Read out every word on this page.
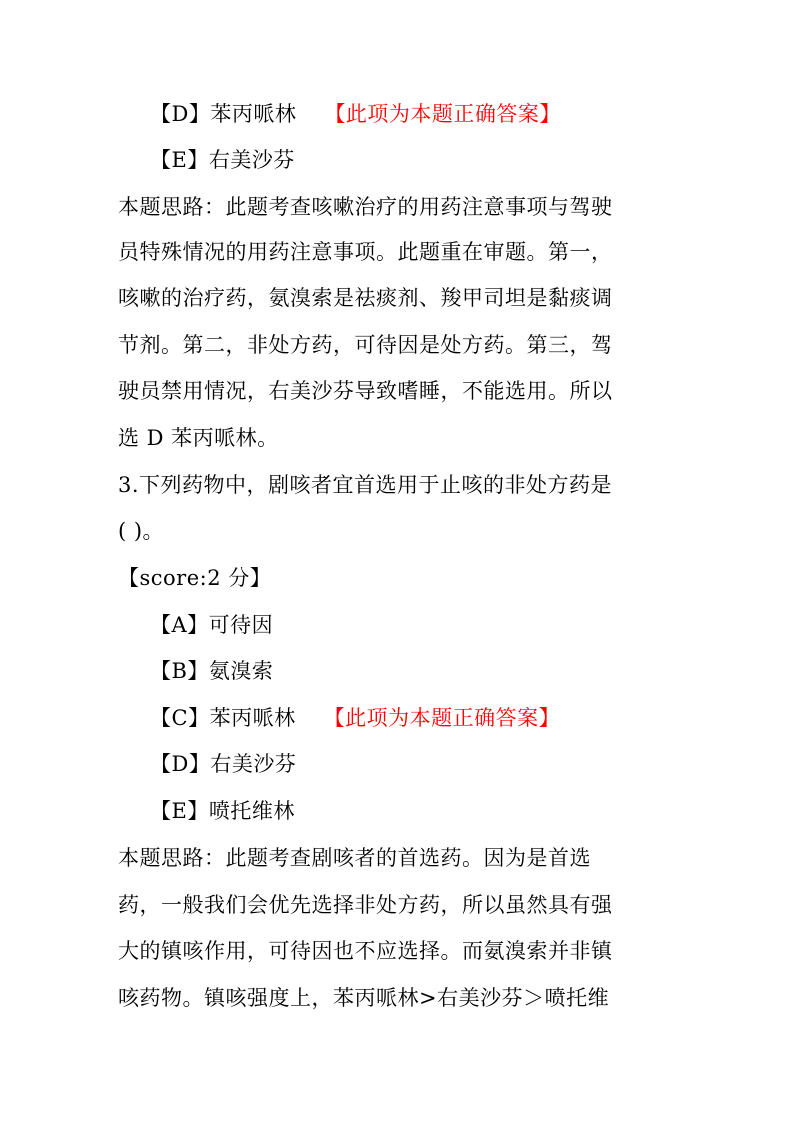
【D】苯丙哌林 【此项为本题正确答案】
【E】右美沙芬
本题思路：此题考查咳嗽治疗的用药注意事项与驾驶
员特殊情况的用药注意事项。此题重在审题。第一，
咳嗽的治疗药，氨溴索是祛痰剂、羧甲司坦是黏痰调
节剂。第二，非处方药，可待因是处方药。第三，驾
驶员禁用情况，右美沙芬导致嗜睡，不能选用。所以
选 D 苯丙哌林。
3.下列药物中，剧咳者宜首选用于止咳的非处方药是
( )。
【score:2 分】
【A】可待因
【B】氨溴索
【C】苯丙哌林 【此项为本题正确答案】
【D】右美沙芬
【E】喷托维林
本题思路：此题考查剧咳者的首选药。因为是首选
药，一般我们会优先选择非处方药，所以虽然具有强
大的镇咳作用，可待因也不应选择。而氨溴索并非镇
咳药物。镇咳强度上，苯丙哌林>右美沙芬＞喷托维
